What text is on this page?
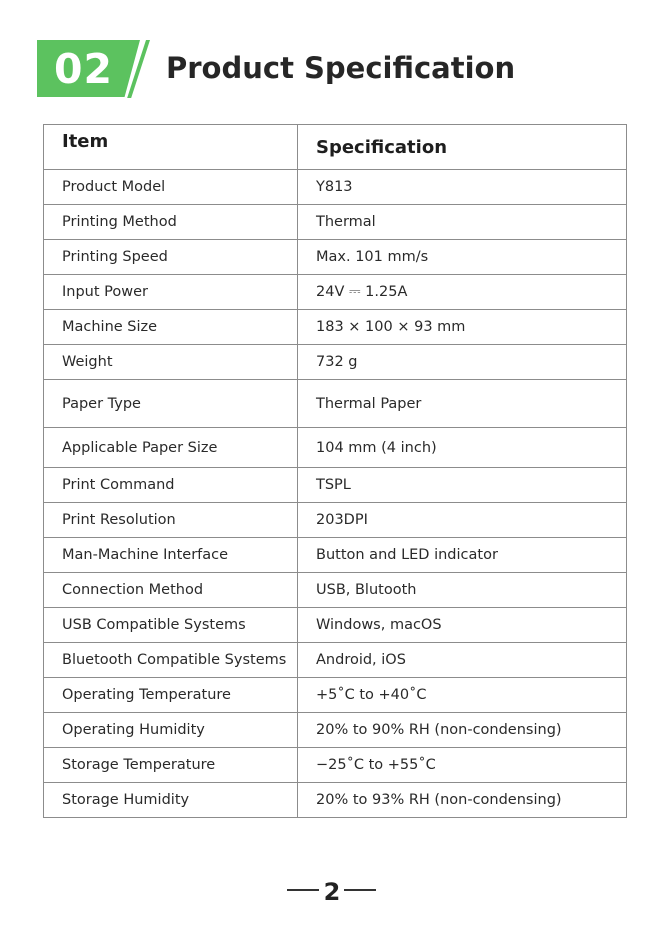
02 Product Specification
Item	Specification
Product Model	Y813
Printing Method	Thermal
Printing Speed	Max. 101 mm/s
Input Power	24V ⎓ 1.25A
Machine Size	183 × 100 × 93 mm
Weight	732 g
Paper Type	Thermal Paper
Applicable Paper Size	104 mm (4 inch)
Print Command	TSPL
Print Resolution	203DPI
Man-Machine Interface	Button and LED indicator
Connection Method	USB, Blutooth
USB Compatible Systems	Windows, macOS
Bluetooth Compatible Systems	Android, iOS
Operating Temperature	+5˚C to +40˚C
Operating Humidity	20% to 90% RH (non-condensing)
Storage Temperature	−25˚C to +55˚C
Storage Humidity	20% to 93% RH (non-condensing)
2
